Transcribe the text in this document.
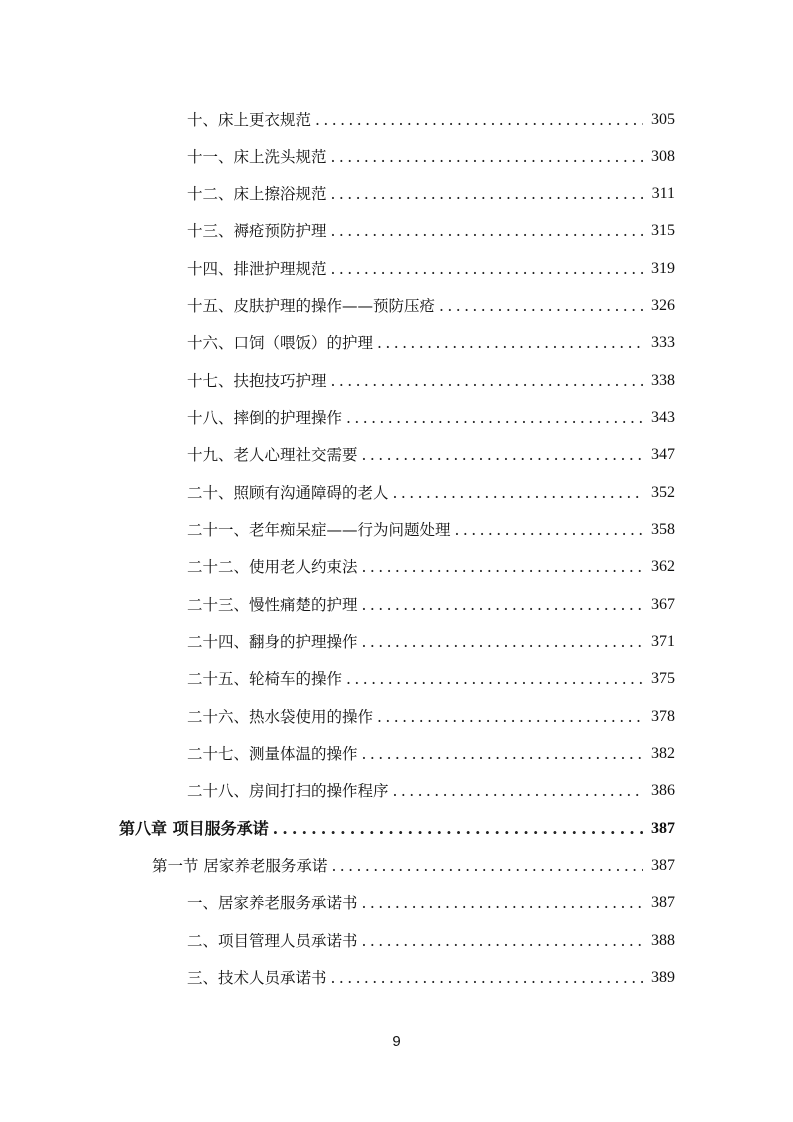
十、床上更衣规范 . . .	305
十一、床上洗头规范 . . .	308
十二、床上擦浴规范 . . .	311
十三、褥疮预防护理 . . .	315
十四、排泄护理规范 . . .	319
十五、皮肤护理的操作——预防压疮 . . .	326
十六、口饲（喂饭）的护理 . . .	333
十七、扶抱技巧护理 . . .	338
十八、摔倒的护理操作 . . .	343
十九、老人心理社交需要 . . .	347
二十、照顾有沟通障碍的老人 . . .	352
二十一、老年痴呆症——行为问题处理 . . .	358
二十二、使用老人约束法 . . .	362
二十三、慢性痛楚的护理 . . .	367
二十四、翻身的护理操作 . . .	371
二十五、轮椅车的操作 . . .	375
二十六、热水袋使用的操作 . . .	378
二十七、测量体温的操作 . . .	382
二十八、房间打扫的操作程序 . . .	386
第八章 项目服务承诺 . . .	387
第一节 居家养老服务承诺 . . .	387
一、居家养老服务承诺书 . . .	387
二、项目管理人员承诺书 . . .	388
三、技术人员承诺书 . . .	389
9
